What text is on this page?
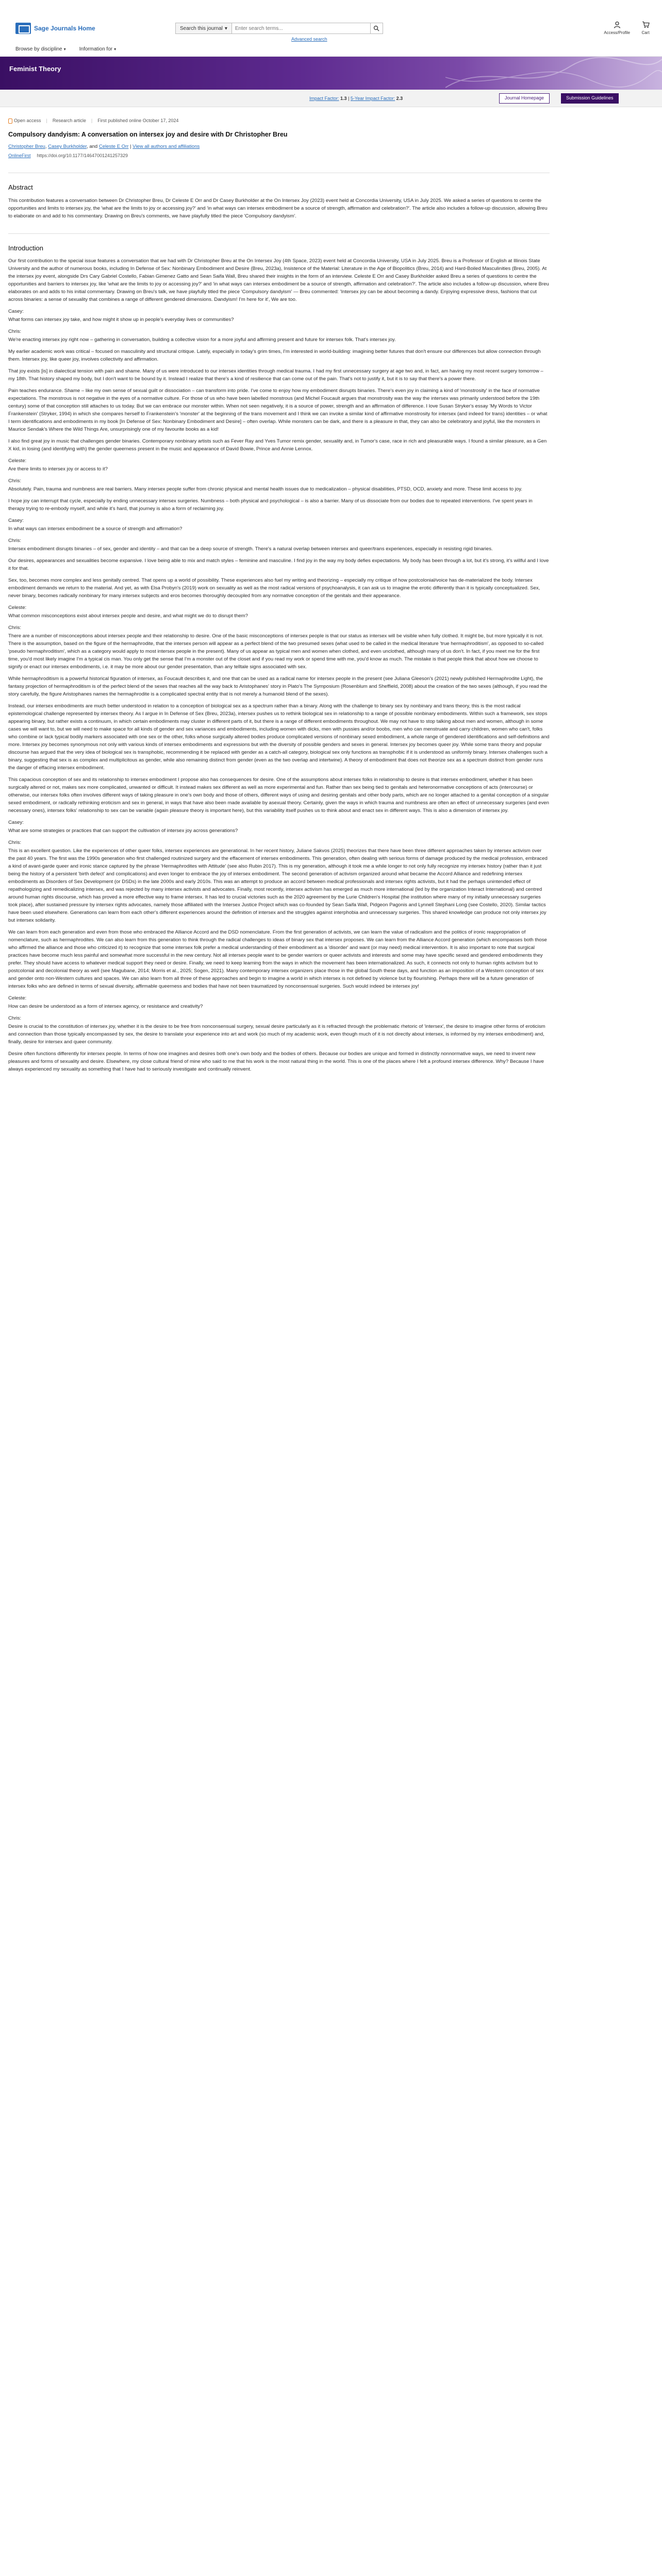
Sage Journals Home	Search this journal ▾
Enter search terms...
Advanced search
Access/Profile	Cart
Browse by discipline ▾	Information for ▾
Feminist Theory
Impact Factor: 1.3 | 5-Year Impact Factor: 2.3	Journal Homepage	Submission Guidelines
Open access | Research article | First published online October 17, 2024
Compulsory dandyism: A conversation on intersex joy and desire with Dr Christopher Breu
Christopher Breu, Casey Burkholder, and Celeste E Orr | View all authors and affiliations
OnlineFirst https://doi.org/10.1177/14647001241257329
Abstract

This contribution features a conversation between Dr Christopher Breu, Dr Celeste E Orr and Dr Casey Burkholder at the On Intersex Joy (2023) event held at Concordia University, USA in July 2025. We asked a series of questions to centre the opportunities and limits to intersex joy, the 'what are the limits to joy or accessing joy?' and 'in what ways can intersex embodiment be a source of strength, affirmation and celebration?'. The article also includes a follow-up discussion, allowing Breu to elaborate on and add to his commentary. Drawing on Breu's comments, we have playfully titled the piece 'Compulsory dandyism'.

Introduction

Our first contribution to the special issue features a conversation that we had with Dr Christopher Breu at the On Intersex Joy (4th Space, 2023) event held at Concordia University, USA in July 2025. Breu is a Professor of English at Illinois State University and the author of numerous books, including In Defense of Sex: Nonbinary Embodiment and Desire (Breu, 2023a), Insistence of the Material: Literature in the Age of Biopolitics (Breu, 2014) and Hard-Boiled Masculinities (Breu, 2005). At the intersex joy event, alongside Drs Cary Gabriel Costello, Fabian Gimenez Gatto and Sean Saifa Wall, Breu shared their insights in the form of an interview. Celeste E Orr and Casey Burkholder asked Breu a series of questions to centre the opportunities and barriers to intersex joy, like 'what are the limits to joy or accessing joy?' and 'in what ways can intersex embodiment be a source of strength, affirmation and celebration?'. The article also includes a follow-up discussion, where Breu elaborates on and adds to his initial commentary. Drawing on Breu's talk, we have playfully titled the piece 'Compulsory dandyism' — Breu commented: 'Intersex joy can be about becoming a dandy. Enjoying expressive dress, fashions that cut across binaries: a sense of sexuality that combines a range of different gendered dimensions. Dandyism! I'm here for it', We are too.

Casey:

What forms can intersex joy take, and how might it show up in people's everyday lives or communities?

Chris:

We're enacting intersex joy right now – gathering in conversation, building a collective vision for a more joyful and affirming present and future for intersex folk. That's intersex joy.

My earlier academic work was critical – focused on masculinity and structural critique. Lately, especially in today's grim times, I'm interested in world-building: imagining better futures that don't ensure our differences but allow connection through them. Intersex joy, like queer joy, involves collectivity and affirmation.

That joy exists [is] in dialectical tension with pain and shame. Many of us were introduced to our intersex identities through medical trauma. I had my first unnecessary surgery at age two and, in fact, am having my most recent surgery tomorrow – my 18th. That history shaped my body, but I don't want to be bound by it. Instead I realize that there's a kind of resilience that can come out of the pain. That's not to justify it, but it is to say that there's a power there.

Pain teaches endurance. Shame – like my own sense of sexual guilt or dissociation – can transform into pride. I've come to enjoy how my embodiment disrupts binaries. There's even joy in claiming a kind of 'monstrosity' in the face of normative expectations. The monstrous is not negative in the eyes of a normative culture. For those of us who have been labelled monstrous (and Michel Foucault argues that monstrosity was the way the intersex was primarily understood before the 19th century) some of that conception still attaches to us today. But we can embrace our monster within. When not seen negatively, it is a source of power, strength and an affirmation of difference. I love Susan Stryker's essay 'My Words to Victor Frankenstein' (Stryker, 1994) in which she compares herself to Frankenstein's 'monster' at the beginning of the trans movement and I think we can invoke a similar kind of affirmative monstrosity for intersex (and indeed for trans) identities – or what I term identifications and embodiments in my book [In Defense of Sex: Nonbinary Embodiment and Desire] – often overlap. While monsters can be dark, and there is a pleasure in that, they can also be celebratory and joyful, like the monsters in Maurice Sendak's Where the Wild Things Are, unsurprisingly one of my favourite books as a kid!

I also find great joy in music that challenges gender binaries. Contemporary nonbinary artists such as Fever Ray and Yves Tumor remix gender, sexuality and, in Tumor's case, race in rich and pleasurable ways. I found a similar pleasure, as a Gen X kid, in losing (and identifying with) the gender queerness present in the music and appearance of David Bowie, Prince and Annie Lennox.

Celeste:

Are there limits to intersex joy or access to it?

Chris:

Absolutely. Pain, trauma and numbness are real barriers. Many intersex people suffer from chronic physical and mental health issues due to medicalization – physical disabilities, PTSD, OCD, anxiety and more. These limit access to joy.

I hope joy can interrupt that cycle, especially by ending unnecessary intersex surgeries. Numbness – both physical and psychological – is also a barrier. Many of us dissociate from our bodies due to repeated interventions. I've spent years in therapy trying to re-embody myself, and while it's hard, that journey is also a form of reclaiming joy.

Casey:

In what ways can intersex embodiment be a source of strength and affirmation?

Chris:

Intersex embodiment disrupts binaries – of sex, gender and identity – and that can be a deep source of strength. There's a natural overlap between intersex and queer/trans experiences, especially in resisting rigid binaries.

Our desires, appearances and sexualities become expansive. I love being able to mix and match styles – feminine and masculine. I find joy in the way my body defies expectations. My body has been through a lot, but it's strong, it's willful and I love it for that.

Sex, too, becomes more complex and less genitally centred. That opens up a world of possibility. These experiences also fuel my writing and theorizing – especially my critique of how postcolonial/voice has de-materialized the body. Intersex embodiment demands we return to the material. And yet, as with Elsa Probyn's (2019) work on sexuality as well as the most radical versions of psychoanalysis, it can ask us to imagine the erotic differently than it is typically conceptualized. Sex, never binary, becomes radically nonbinary for many intersex subjects and eros becomes thoroughly decoupled from any normative conception of the genitals and their appearance.

Celeste:

What common misconceptions exist about intersex people and desire, and what might we do to disrupt them?

Chris:

There are a number of misconceptions about intersex people and their relationship to desire. One of the basic misconceptions of intersex people is that our status as intersex will be visible when fully clothed. It might be, but more typically it is not. There is the assumption, based on the figure of the hermaphrodite, that the intersex person will appear as a perfect blend of the two presumed sexes (what used to be called in the medical literature 'true hermaphroditism', as opposed to so-called 'pseudo hermaphroditism', which as a category would apply to most intersex people in the present). Many of us appear as typical men and women when clothed, and even unclothed, although many of us don't. In fact, if you meet me for the first time, you'd most likely imagine I'm a typical cis man. You only get the sense that I'm a monster out of the closet and if you read my work or spend time with me, you'd know as much. The mistake is that people think that about how we choose to signify or enact our intersex embodiments, i.e. it may be more about our gender presentation, than any telltale signs associated with sex.

While hermaphroditism is a powerful historical figuration of intersex, as Foucault describes it, and one that can be used as a radical name for intersex people in the present (see Juliana Gleeson's (2021) newly published Hermaphrodite Light), the fantasy projection of hermaphroditism is of the perfect blend of the sexes that reaches all the way back to Aristophanes' story in Plato's The Symposium (Rosenblum and Sheffield, 2008) about the creation of the two sexes (although, if you read the story carefully, the figure Aristophanes names the hermaphrodite is a complicated spectral entity that is not merely a humanoid blend of the sexes).

Instead, our intersex embodiments are much better understood in relation to a conception of biological sex as a spectrum rather than a binary. Along with the challenge to binary sex by nonbinary and trans theory, this is the most radical epistemological challenge represented by intersex theory. As I argue in In Defense of Sex (Breu, 2023a), intersex pushes us to rethink biological sex in relationship to a range of possible nonbinary embodiments. Within such a framework, sex stops appearing binary, but rather exists a continuum, in which certain embodiments may cluster in different parts of it, but there is a range of different embodiments throughout. We may not have to stop talking about men and women, although in some cases we will want to, but we will need to make space for all kinds of gender and sex variances and embodiments, including women with dicks, men with pussies and/or boobs, men who can menstruate and carry children, women who can't, folks who combine or lack typical bodily markers associated with one sex or the other, folks whose surgically altered bodies produce complicated versions of nonbinary sexed embodiment, a whole range of gendered identifications and self-definitions and more. Intersex joy becomes synonymous not only with various kinds of intersex embodiments and expressions but with the diversity of possible genders and sexes in general. Intersex joy becomes queer joy. While some trans theory and popular discourse has argued that the very idea of biological sex is transphobic, recommending it be replaced with gender as a catch-all category, biological sex only functions as transphobic if it is understood as uniformly binary. Intersex challenges such a binary, suggesting that sex is as complex and multiplicitous as gender, while also remaining distinct from gender (even as the two overlap and intertwine). A theory of embodiment that does not theorize sex as a spectrum distinct from gender runs the danger of effacing intersex embodiment.

This capacious conception of sex and its relationship to intersex embodiment I propose also has consequences for desire. One of the assumptions about intersex folks in relationship to desire is that intersex embodiment, whether it has been surgically altered or not, makes sex more complicated, unwanted or difficult. It instead makes sex different as well as more experimental and fun. Rather than sex being tied to genitals and heteronormative conceptions of acts (intercourse) or otherwise, our intersex folks often involves different ways of taking pleasure in one's own body and those of others, different ways of using and desiring genitals and other body parts, which are no longer attached to a genital conception of a singular sexed embodiment, or radically rethinking eroticism and sex in general, in ways that have also been made available by asexual theory. Certainly, given the ways in which trauma and numbness are often an effect of unnecessary surgeries (and even necessary ones), intersex folks' relationship to sex can be variable (again pleasure theory is important here), but this variability itself pushes us to think about and enact sex in different ways. This is also a dimension of intersex joy.

Casey:

What are some strategies or practices that can support the cultivation of intersex joy across generations?

Chris:

This is an excellent question. Like the experiences of other queer folks, intersex experiences are generational. In her recent history, Juliane Sakvos (2025) theorizes that there have been three different approaches taken by intersex activism over the past 40 years. The first was the 1990s generation who first challenged routinized surgery and the effacement of intersex embodiments. This generation, often dealing with serious forms of damage produced by the medical profession, embraced a kind of avant-garde queer and ironic stance captured by the phrase 'Hermaphrodites with Attitude' (see also Rubin 2017). This is my generation, although it took me a while longer to not only fully recognize my intersex history (rather than it just being the history of a persistent 'birth defect' and complications) and even longer to embrace the joy of intersex embodiment. The second generation of activism organized around what became the Accord Alliance and redefining intersex embodiments as Disorders of Sex Development (or DSDs) in the late 2000s and early 2010s. This was an attempt to produce an accord between medical professionals and intersex rights activists, but it had the perhaps unintended effect of repathologizing and remedicalizing intersex, and was rejected by many intersex activists and advocates. Finally, most recently, intersex activism has emerged as much more international (led by the organization Interact International) and centred around human rights discourse, which has proved a more effective way to frame intersex. It has led to crucial victories such as the 2020 agreement by the Lurie Children's Hospital (the institution where many of my initially unnecessary surgeries took place), after sustained pressure by intersex rights advocates, namely those affiliated with the Intersex Justice Project which was co-founded by Sean Saifa Wall, Pidgeon Pagonis and Lynnell Stephani Long (see Costello, 2020). Similar tactics have been used elsewhere. Generations can learn from each other's different experiences around the definition of intersex and the struggles against interphobia and unnecessary surgeries. This shared knowledge can produce not only intersex joy but intersex solidarity.

We can learn from each generation and even from those who embraced the Alliance Accord and the DSD nomenclature. From the first generation of activists, we can learn the value of radicalism and the politics of ironic reappropriation of nomenclature, such as hermaphrodites. We can also learn from this generation to think through the radical challenges to ideas of binary sex that intersex proposes. We can learn from the Alliance Accord generation (which encompasses both those who affirmed the alliance and those who criticized it) to recognize that some intersex folk prefer a medical understanding of their embodiment as a 'disorder' and want (or may need) medical intervention. It is also important to note that surgical practices have become much less painful and somewhat more successful in the new century. Not all intersex people want to be gender warriors or queer activists and interests and some may have specific sexed and gendered embodiments they prefer. They should have access to whatever medical support they need or desire. Finally, we need to keep learning from the ways in which the movement has been internationalized. As such, it connects not only to human rights activism but to postcolonial and decolonial theory as well (see Magubane, 2014; Morris et al., 2025; Sogen, 2021). Many contemporary intersex organizers place those in the global South these days, and function as an imposition of a Western conception of sex and gender onto non-Western cultures and spaces. We can also learn from all three of these approaches and begin to imagine a world in which intersex is not defined by violence but by flourishing. Perhaps there will be a future generation of intersex folks who are defined in terms of sexual diversity, affirmable queerness and bodies that have not been traumatized by nonconsensual surgeries. Such would indeed be intersex joy!

Celeste:

How can desire be understood as a form of intersex agency, or resistance and creativity?

Chris:

Desire is crucial to the constitution of intersex joy, whether it is the desire to be free from nonconsensual surgery, sexual desire particularly as it is refracted through the problematic rhetoric of 'intersex', the desire to imagine other forms of eroticism and connection than those typically encompassed by sex, the desire to translate your experience into art and work (so much of my academic work, even though much of it is not directly about intersex, is informed by my intersex embodiment) and, finally, desire for intersex and queer community.

Desire often functions differently for intersex people. In terms of how one imagines and desires both one's own body and the bodies of others. Because our bodies are unique and formed in distinctly nonnormative ways, we need to invent new pleasures and forms of sexuality and desire. Elsewhere, my close cultural friend of mine who said to me that his work is the most natural thing in the world. This is one of the places where I felt a profound intersex difference. Why? Because I have always experienced my sexuality as something that I have had to seriously investigate and continually reinvent.
